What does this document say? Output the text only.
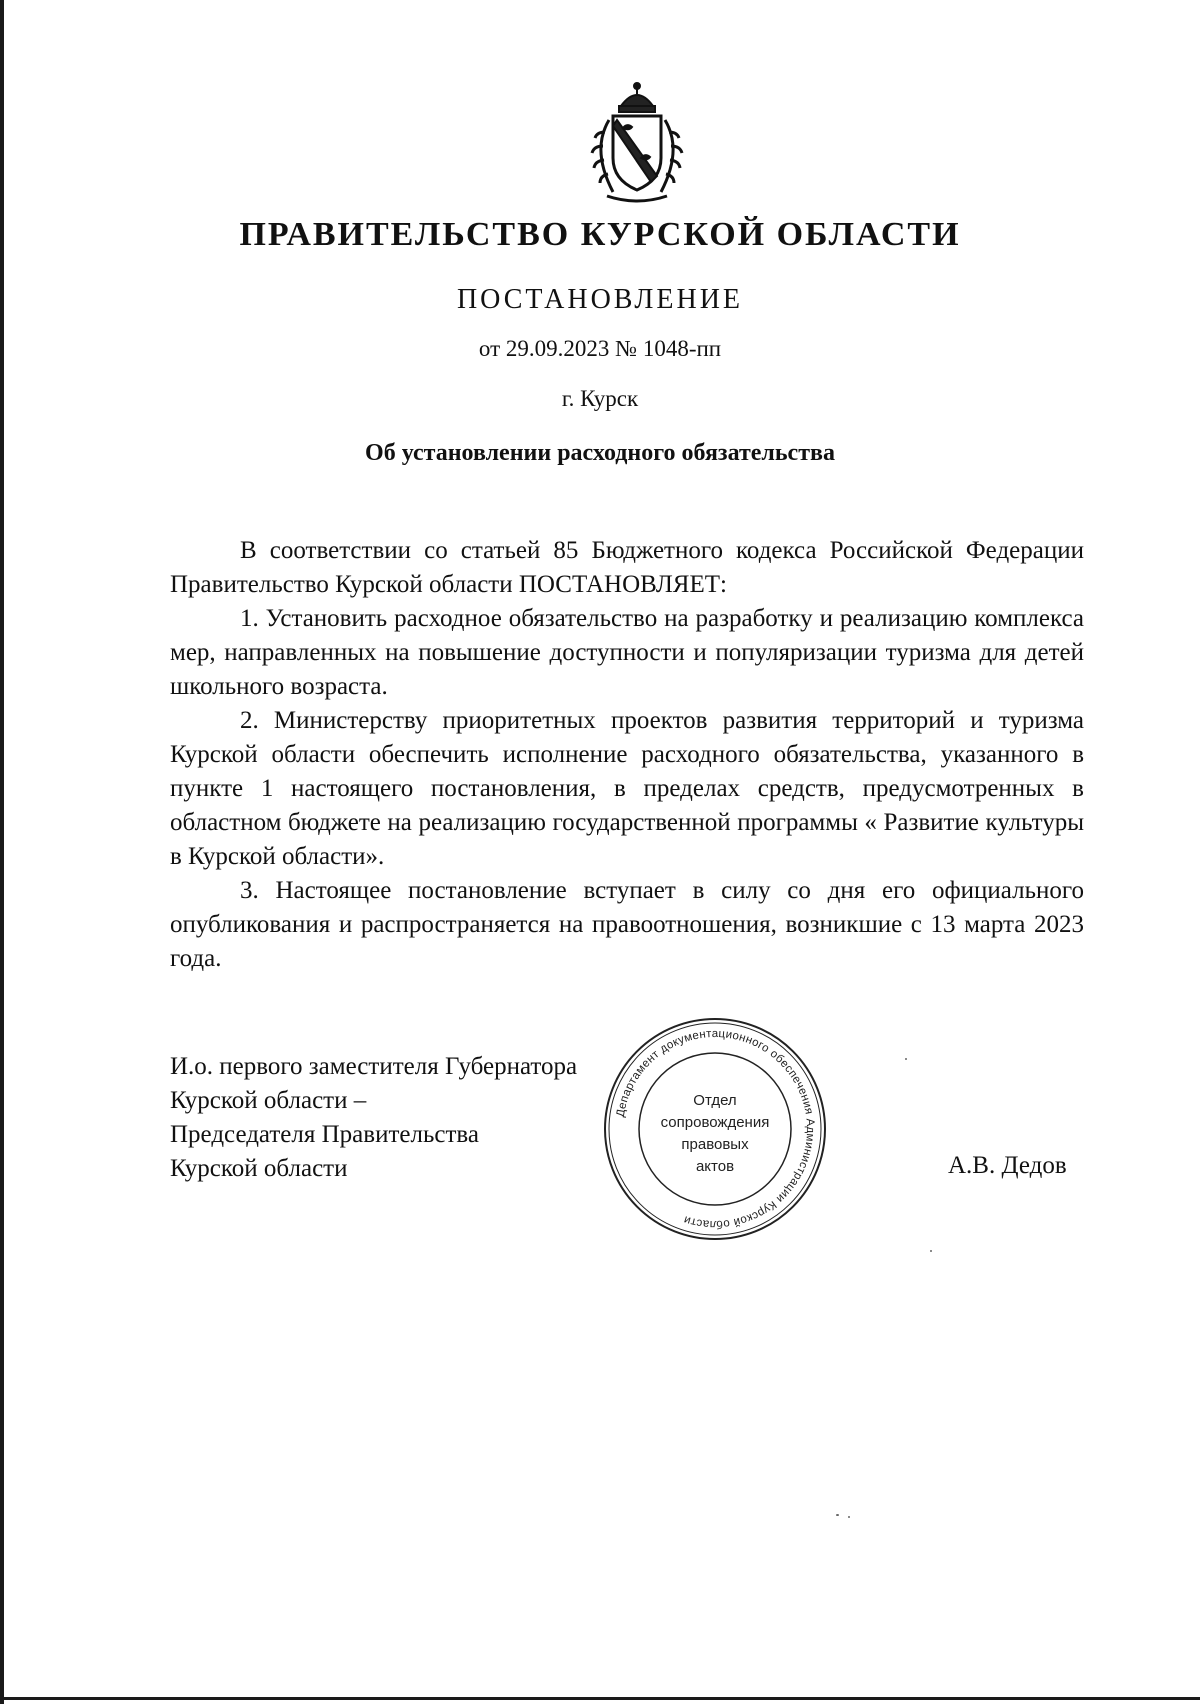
ПРАВИТЕЛЬСТВО КУРСКОЙ ОБЛАСТИ
ПОСТАНОВЛЕНИЕ
от 29.09.2023 № 1048-пп
г. Курск
Об установлении расходного обязательства

В соответствии со статьей 85 Бюджетного кодекса Российской Федерации Правительство Курской области ПОСТАНОВЛЯЕТ:

1. Установить расходное обязательство на разработку и реализацию комплекса мер, направленных на повышение доступности и популяризации туризма для детей школьного возраста.

2. Министерству приоритетных проектов развития территорий и туризма Курской области обеспечить исполнение расходного обязательства, указанного в пункте 1 настоящего постановления, в пределах средств, предусмотренных в областном бюджете на реализацию государственной программы « Развитие культуры в Курской области».

3. Настоящее постановление вступает в силу со дня его официального опубликования и распространяется на правоотношения, возникшие с 13 марта 2023 года.

И.о. первого заместителя Губернатора
Курской области –
Председателя Правительства
Курской области	А.В. Дедов
Департамент документационного обеспечения Администрации Курской области
Отдел
сопровождения
правовых
актов
